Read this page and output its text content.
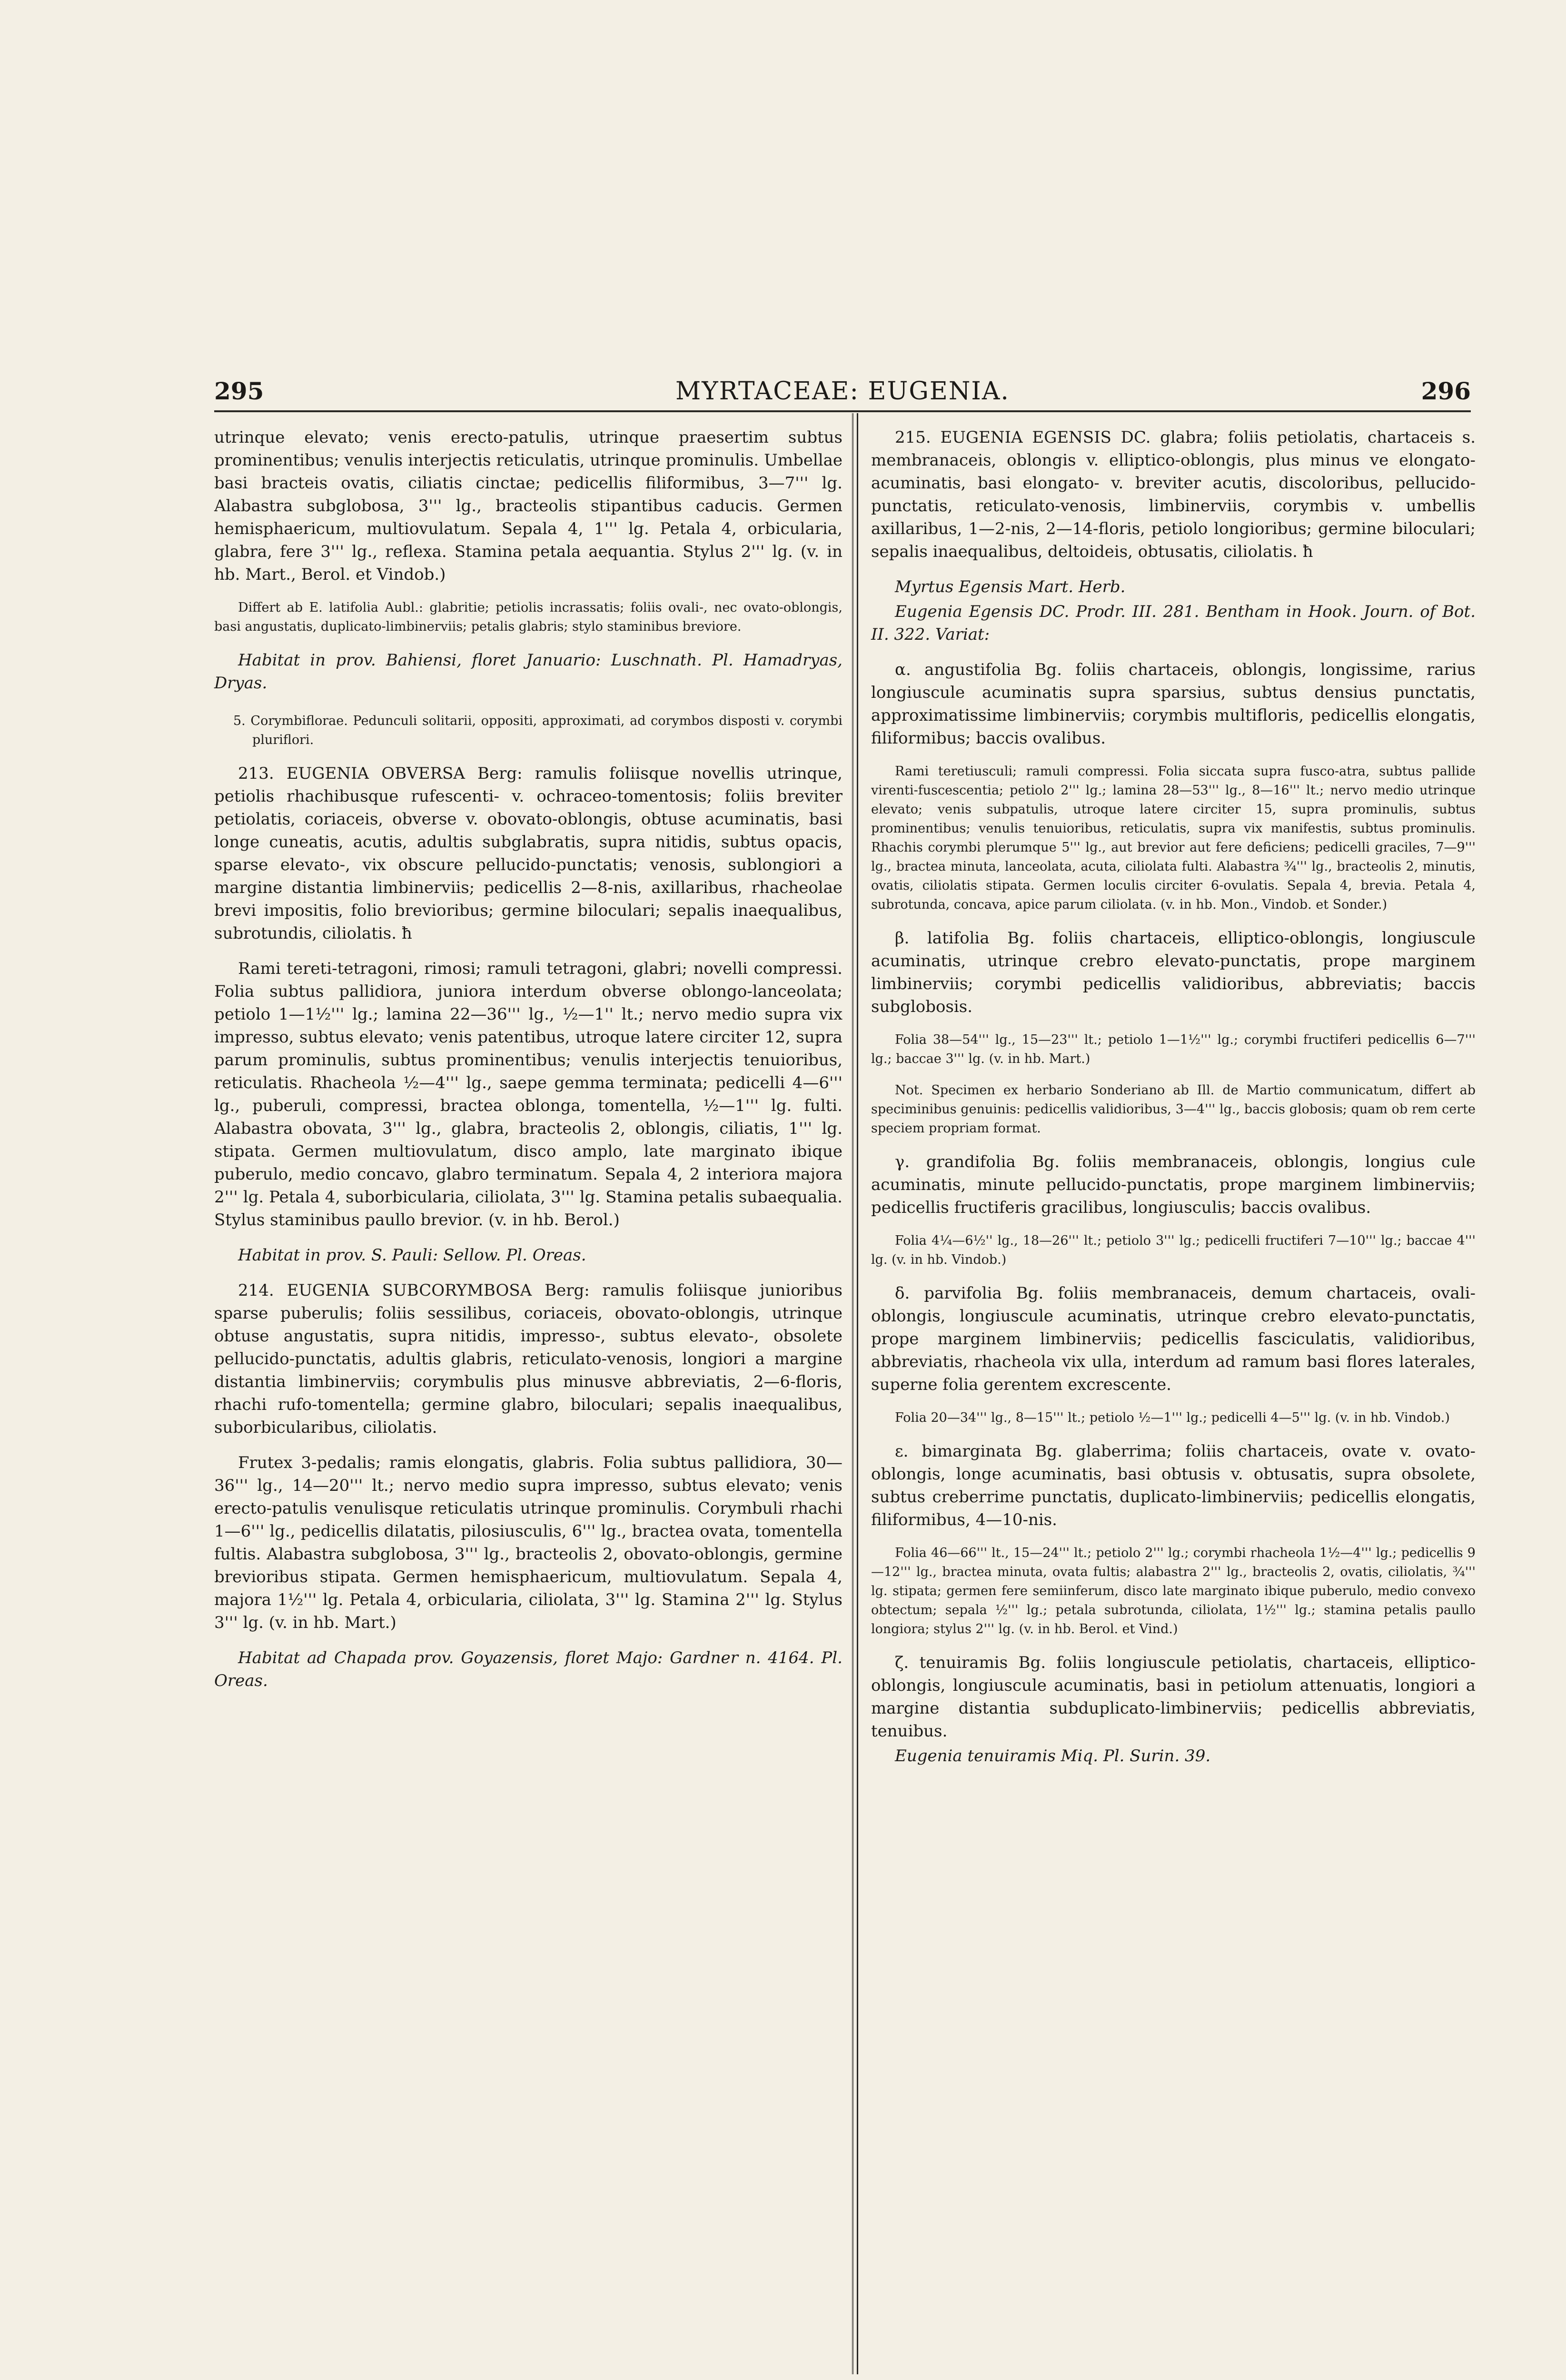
295	MYRTACEAE: EUGENIA.	296

utrinque elevato; venis erecto-patulis, utrinque praesertim subtus prominentibus; venulis interjectis reticulatis, utrinque prominulis. Umbellae basi bracteis ovatis, ciliatis cinctae; pedicellis filiformibus, 3—7''' lg. Alabastra subglobosa, 3''' lg., bracteolis stipantibus caducis. Germen hemisphaericum, multiovulatum. Sepala 4, 1''' lg. Petala 4, orbicularia, glabra, fere 3''' lg., reflexa. Stamina petala aequantia. Stylus 2''' lg. (v. in hb. Mart., Berol. et Vindob.)

Differt ab E. latifolia Aubl.: glabritie; petiolis incrassatis; foliis ovali-, nec ovato-oblongis, basi angustatis, duplicato-limbinerviis; petalis glabris; stylo staminibus breviore.

Habitat in prov. Bahiensi, floret Januario: Luschnath. Pl. Hamadryas, Dryas.

5. Corymbiflorae. Pedunculi solitarii, oppositi, approximati, ad corymbos disposti v. corymbi pluriflori.

213. EUGENIA OBVERSA Berg: ramulis foliisque novellis utrinque, petiolis rhachibusque rufescenti- v. ochraceo-tomentosis; foliis breviter petiolatis, coriaceis, obverse v. obovato-oblongis, obtuse acuminatis, basi longe cuneatis, acutis, adultis subglabratis, supra nitidis, subtus opacis, sparse elevato-, vix obscure pellucido-punctatis; venosis, sublongiori a margine distantia limbinerviis; pedicellis 2—8-nis, axillaribus, rhacheolae brevi impositis, folio brevioribus; germine biloculari; sepalis inaequalibus, subrotundis, ciliolatis. ħ

Rami tereti-tetragoni, rimosi; ramuli tetragoni, glabri; novelli compressi. Folia subtus pallidiora, juniora interdum obverse oblongo-lanceolata; petiolo 1—1½''' lg.; lamina 22—36''' lg., ½—1'' lt.; nervo medio supra vix impresso, subtus elevato; venis patentibus, utroque latere circiter 12, supra parum prominulis, subtus prominentibus; venulis interjectis tenuioribus, reticulatis. Rhacheola ½—4''' lg., saepe gemma terminata; pedicelli 4—6''' lg., puberuli, compressi, bractea oblonga, tomentella, ½—1''' lg. fulti. Alabastra obovata, 3''' lg., glabra, bracteolis 2, oblongis, ciliatis, 1''' lg. stipata. Germen multiovulatum, disco amplo, late marginato ibique puberulo, medio concavo, glabro terminatum. Sepala 4, 2 interiora majora 2''' lg. Petala 4, suborbicularia, ciliolata, 3''' lg. Stamina petalis subaequalia. Stylus staminibus paullo brevior. (v. in hb. Berol.)

Habitat in prov. S. Pauli: Sellow. Pl. Oreas.

214. EUGENIA SUBCORYMBOSA Berg: ramulis foliisque junioribus sparse puberulis; foliis sessilibus, coriaceis, obovato-oblongis, utrinque obtuse angustatis, supra nitidis, impresso-, subtus elevato-, obsolete pellucido-punctatis, adultis glabris, reticulato-venosis, longiori a margine distantia limbinerviis; corymbulis plus minusve abbreviatis, 2—6-floris, rhachi rufo-tomentella; germine glabro, biloculari; sepalis inaequalibus, suborbicularibus, ciliolatis.

Frutex 3-pedalis; ramis elongatis, glabris. Folia subtus pallidiora, 30—36''' lg., 14—20''' lt.; nervo medio supra impresso, subtus elevato; venis erecto-patulis venulisque reticulatis utrinque prominulis. Corymbuli rhachi 1—6''' lg., pedicellis dilatatis, pilosiusculis, 6''' lg., bractea ovata, tomentella fultis. Alabastra subglobosa, 3''' lg., bracteolis 2, obovato-oblongis, germine brevioribus stipata. Germen hemisphaericum, multiovulatum. Sepala 4, majora 1½''' lg. Petala 4, orbicularia, ciliolata, 3''' lg. Stamina 2''' lg. Stylus 3''' lg. (v. in hb. Mart.)

Habitat ad Chapada prov. Goyazensis, floret Majo: Gardner n. 4164. Pl. Oreas.

215. EUGENIA EGENSIS DC. glabra; foliis petiolatis, chartaceis s. membranaceis, oblongis v. elliptico-oblongis, plus minus ve elongato-acuminatis, basi elongato- v. breviter acutis, discoloribus, pellucido-punctatis, reticulato-venosis, limbinerviis, corymbis v. umbellis axillaribus, 1—2-nis, 2—14-floris, petiolo longioribus; germine biloculari; sepalis inaequalibus, deltoideis, obtusatis, ciliolatis. ħ

Myrtus Egensis Mart. Herb.

Eugenia Egensis DC. Prodr. III. 281. Bentham in Hook. Journ. of Bot. II. 322. Variat:

α. angustifolia Bg. foliis chartaceis, oblongis, longissime, rarius longiuscule acuminatis supra sparsius, subtus densius punctatis, approximatissime limbinerviis; corymbis multifloris, pedicellis elongatis, filiformibus; baccis ovalibus.

Rami teretiusculi; ramuli compressi. Folia siccata supra fusco-atra, subtus pallide virenti-fuscescentia; petiolo 2''' lg.; lamina 28—53''' lg., 8—16''' lt.; nervo medio utrinque elevato; venis subpatulis, utroque latere circiter 15, supra prominulis, subtus prominentibus; venulis tenuioribus, reticulatis, supra vix manifestis, subtus prominulis. Rhachis corymbi plerumque 5''' lg., aut brevior aut fere deficiens; pedicelli graciles, 7—9''' lg., bractea minuta, lanceolata, acuta, ciliolata fulti. Alabastra ¾''' lg., bracteolis 2, minutis, ovatis, ciliolatis stipata. Germen loculis circiter 6-ovulatis. Sepala 4, brevia. Petala 4, subrotunda, concava, apice parum ciliolata. (v. in hb. Mon., Vindob. et Sonder.)

β. latifolia Bg. foliis chartaceis, elliptico-oblongis, longiuscule acuminatis, utrinque crebro elevato-punctatis, prope marginem limbinerviis; corymbi pedicellis validioribus, abbreviatis; baccis subglobosis.

Folia 38—54''' lg., 15—23''' lt.; petiolo 1—1½''' lg.; corymbi fructiferi pedicellis 6—7''' lg.; baccae 3''' lg. (v. in hb. Mart.)

Not. Specimen ex herbario Sonderiano ab Ill. de Martio communicatum, differt ab speciminibus genuinis: pedicellis validioribus, 3—4''' lg., baccis globosis; quam ob rem certe speciem propriam format.

γ. grandifolia Bg. foliis membranaceis, oblongis, longius cule acuminatis, minute pellucido-punctatis, prope marginem limbinerviis; pedicellis fructiferis gracilibus, longiusculis; baccis ovalibus.

Folia 4¼—6½'' lg., 18—26''' lt.; petiolo 3''' lg.; pedicelli fructiferi 7—10''' lg.; baccae 4''' lg. (v. in hb. Vindob.)

δ. parvifolia Bg. foliis membranaceis, demum chartaceis, ovali-oblongis, longiuscule acuminatis, utrinque crebro elevato-punctatis, prope marginem limbinerviis; pedicellis fasciculatis, validioribus, abbreviatis, rhacheola vix ulla, interdum ad ramum basi flores laterales, superne folia gerentem excrescente.

Folia 20—34''' lg., 8—15''' lt.; petiolo ½—1''' lg.; pedicelli 4—5''' lg. (v. in hb. Vindob.)

ε. bimarginata Bg. glaberrima; foliis chartaceis, ovate v. ovato-oblongis, longe acuminatis, basi obtusis v. obtusatis, supra obsolete, subtus creberrime punctatis, duplicato-limbinerviis; pedicellis elongatis, filiformibus, 4—10-nis.

Folia 46—66''' lt., 15—24''' lt.; petiolo 2''' lg.; corymbi rhacheola 1½—4''' lg.; pedicellis 9—12''' lg., bractea minuta, ovata fultis; alabastra 2''' lg., bracteolis 2, ovatis, ciliolatis, ¾''' lg. stipata; germen fere semiinferum, disco late marginato ibique puberulo, medio convexo obtectum; sepala ½''' lg.; petala subrotunda, ciliolata, 1½''' lg.; stamina petalis paullo longiora; stylus 2''' lg. (v. in hb. Berol. et Vind.)

ζ. tenuiramis Bg. foliis longiuscule petiolatis, chartaceis, elliptico-oblongis, longiuscule acuminatis, basi in petiolum attenuatis, longiori a margine distantia subduplicato-limbinerviis; pedicellis abbreviatis, tenuibus.

Eugenia tenuiramis Miq. Pl. Surin. 39.
